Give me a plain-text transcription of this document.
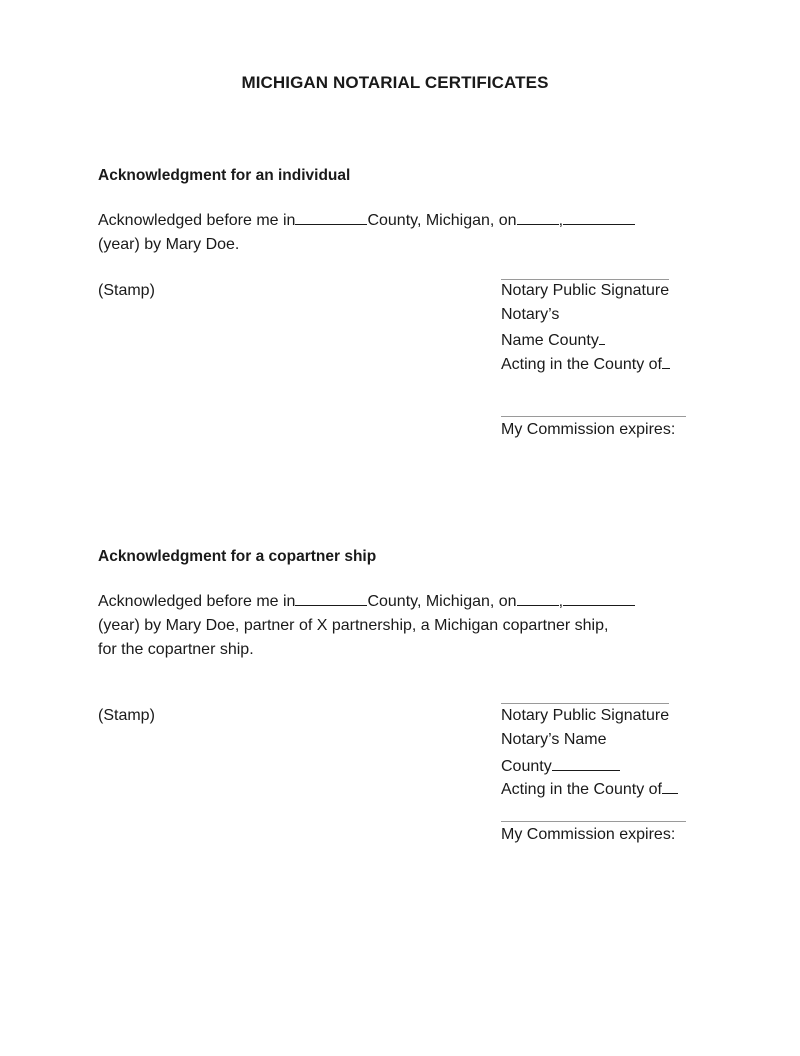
MICHIGAN NOTARIAL CERTIFICATES
Acknowledgment for an individual
Acknowledged before me in	County, Michigan, on	,
(year) by Mary Doe.
(Stamp)	Notary Public Signature
Notary’s
Name County
Acting in the County of
My Commission expires:
Acknowledgment for a copartner ship
Acknowledged before me in	County, Michigan, on	,
(year) by Mary Doe, partner of X partnership, a Michigan copartner ship,
for the copartner ship.
(Stamp)	Notary Public Signature
Notary’s Name
County
Acting in the County of
My Commission expires:
